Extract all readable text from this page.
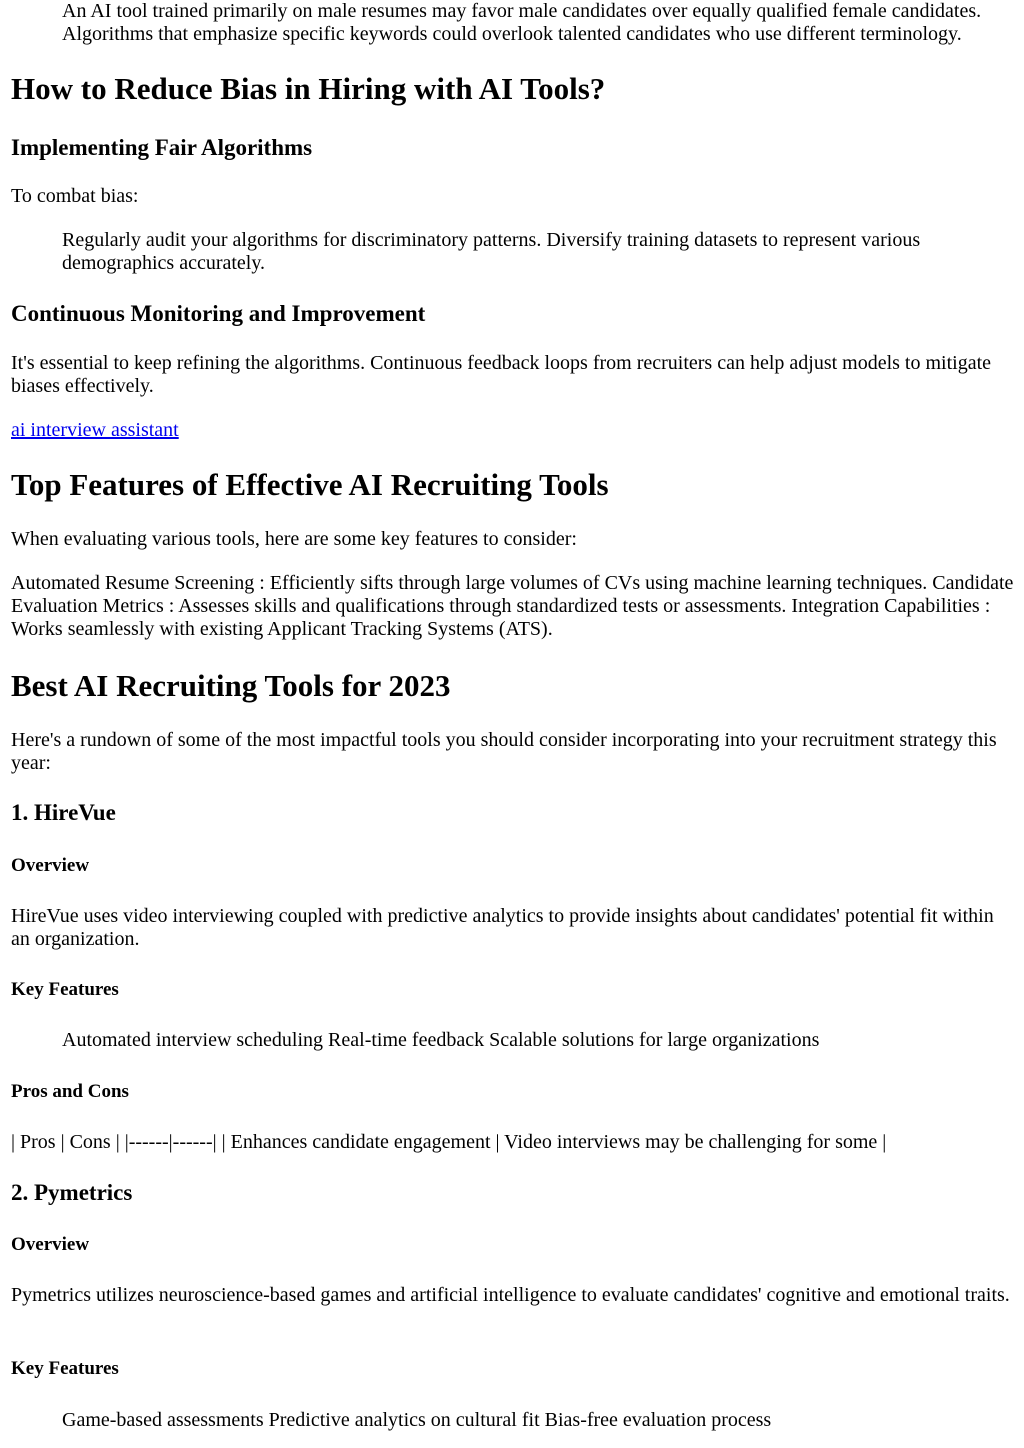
An AI tool trained primarily on male resumes may favor male candidates over equally qualified female candidates. Algorithms that emphasize specific keywords could overlook talented candidates who use different terminology.

How to Reduce Bias in Hiring with AI Tools?
Implementing Fair Algorithms

To combat bias:

Regularly audit your algorithms for discriminatory patterns. Diversify training datasets to represent various demographics accurately.

Continuous Monitoring and Improvement

It's essential to keep refining the algorithms. Continuous feedback loops from recruiters can help adjust models to mitigate biases effectively.

ai interview assistant

Top Features of Effective AI Recruiting Tools

When evaluating various tools, here are some key features to consider:

Automated Resume Screening : Efficiently sifts through large volumes of CVs using machine learning techniques. Candidate Evaluation Metrics : Assesses skills and qualifications through standardized tests or assessments. Integration Capabilities : Works seamlessly with existing Applicant Tracking Systems (ATS).

Best AI Recruiting Tools for 2023

Here's a rundown of some of the most impactful tools you should consider incorporating into your recruitment strategy this year:

1. HireVue
Overview

HireVue uses video interviewing coupled with predictive analytics to provide insights about candidates' potential fit within an organization.

Key Features

Automated interview scheduling Real-time feedback Scalable solutions for large organizations

Pros and Cons

| Pros | Cons | |------|------| | Enhances candidate engagement | Video interviews may be challenging for some |

2. Pymetrics
Overview

Pymetrics utilizes neuroscience-based games and artificial intelligence to evaluate candidates' cognitive and emotional traits.

Key Features

Game-based assessments Predictive analytics on cultural fit Bias-free evaluation process
